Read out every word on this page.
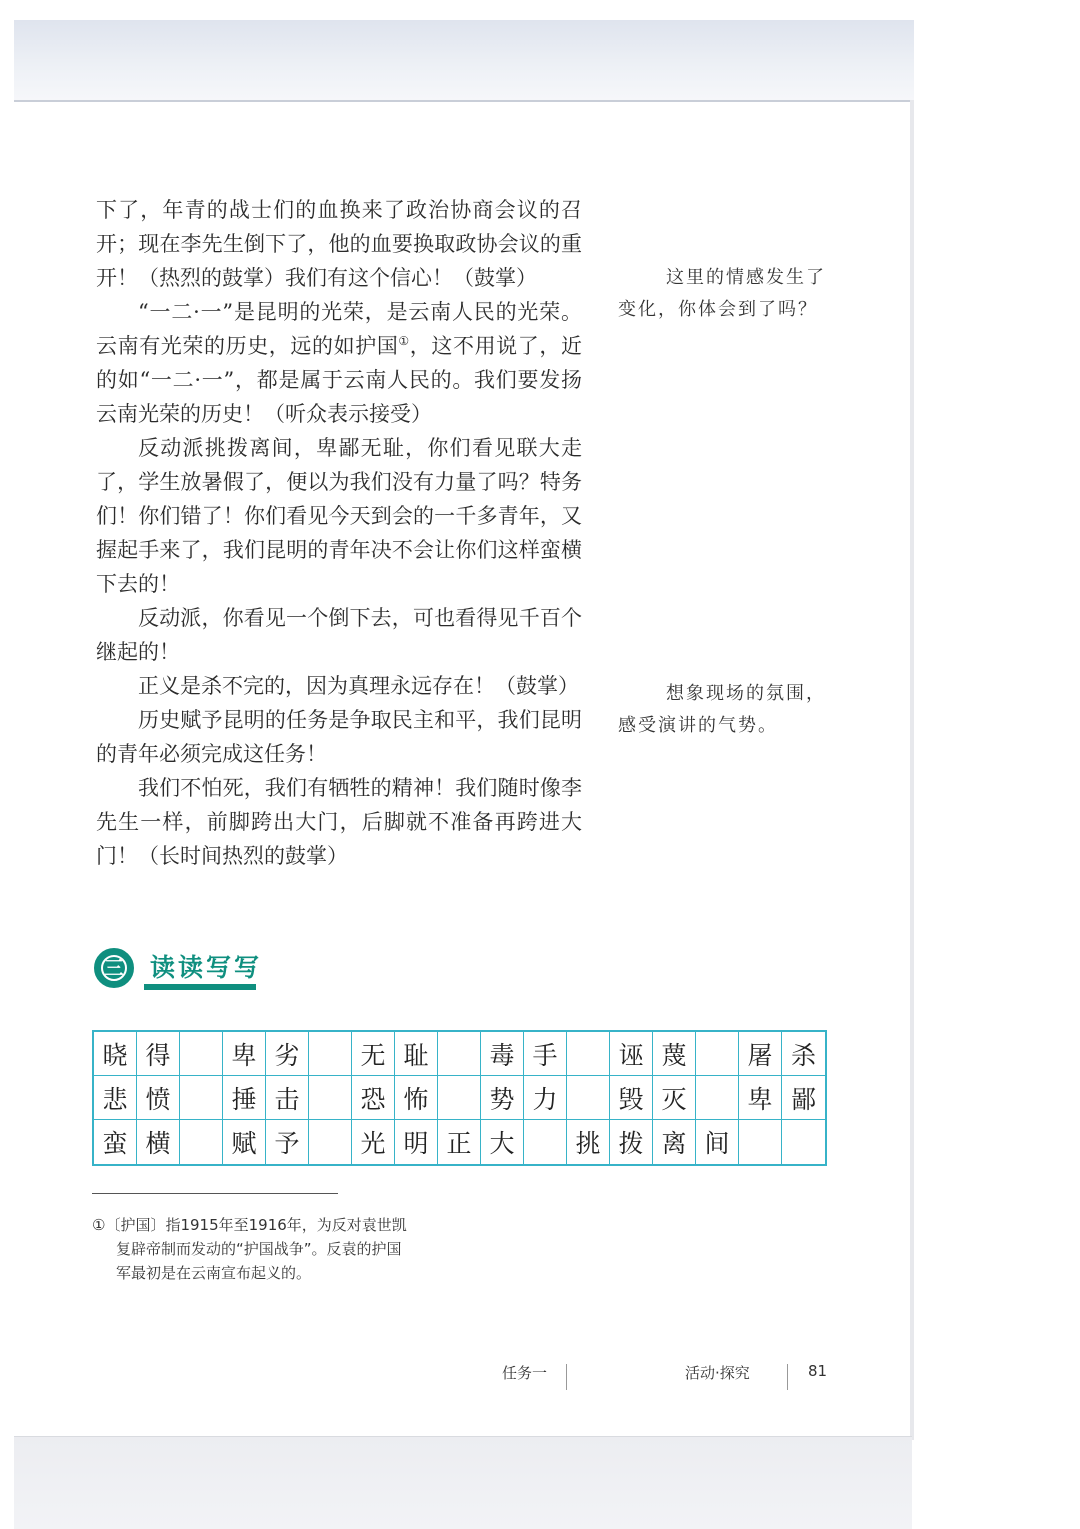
下了，年青的战士们的血换来了政治协商会议的召开；现在李先生倒下了，他的血要换取政协会议的重开！（热烈的鼓掌）我们有这个信心！（鼓掌）

“一二·一”是昆明的光荣，是云南人民的光荣。云南有光荣的历史，远的如护国①，这不用说了，近的如“一二·一”，都是属于云南人民的。我们要发扬云南光荣的历史！（听众表示接受）

反动派挑拨离间，卑鄙无耻，你们看见联大走了，学生放暑假了，便以为我们没有力量了吗？特务们！你们错了！你们看见今天到会的一千多青年，又握起手来了，我们昆明的青年决不会让你们这样蛮横下去的！

反动派，你看见一个倒下去，可也看得见千百个继起的！

正义是杀不完的，因为真理永远存在！（鼓掌）

历史赋予昆明的任务是争取民主和平，我们昆明的青年必须完成这任务！

我们不怕死，我们有牺牲的精神！我们随时像李先生一样，前脚跨出大门，后脚就不准备再跨进大门！（长时间热烈的鼓掌）

这里的情感发生了
变化，你体会到了吗？
想象现场的氛围，
感受演讲的气势。
三	读读写写
晓 得	卑 劣	无 耻	毒 手	诬 蔑	屠 杀
悲 愤	捶 击	恐 怖	势 力	毁 灭	卑 鄙
蛮 横	赋 予	光 明 正 大	挑 拨 离 间
①〔护国〕指1915年至1916年，为反对袁世凯
复辟帝制而发动的“护国战争”。反袁的护国
军最初是在云南宣布起义的。
任务一	活动·探究	81
